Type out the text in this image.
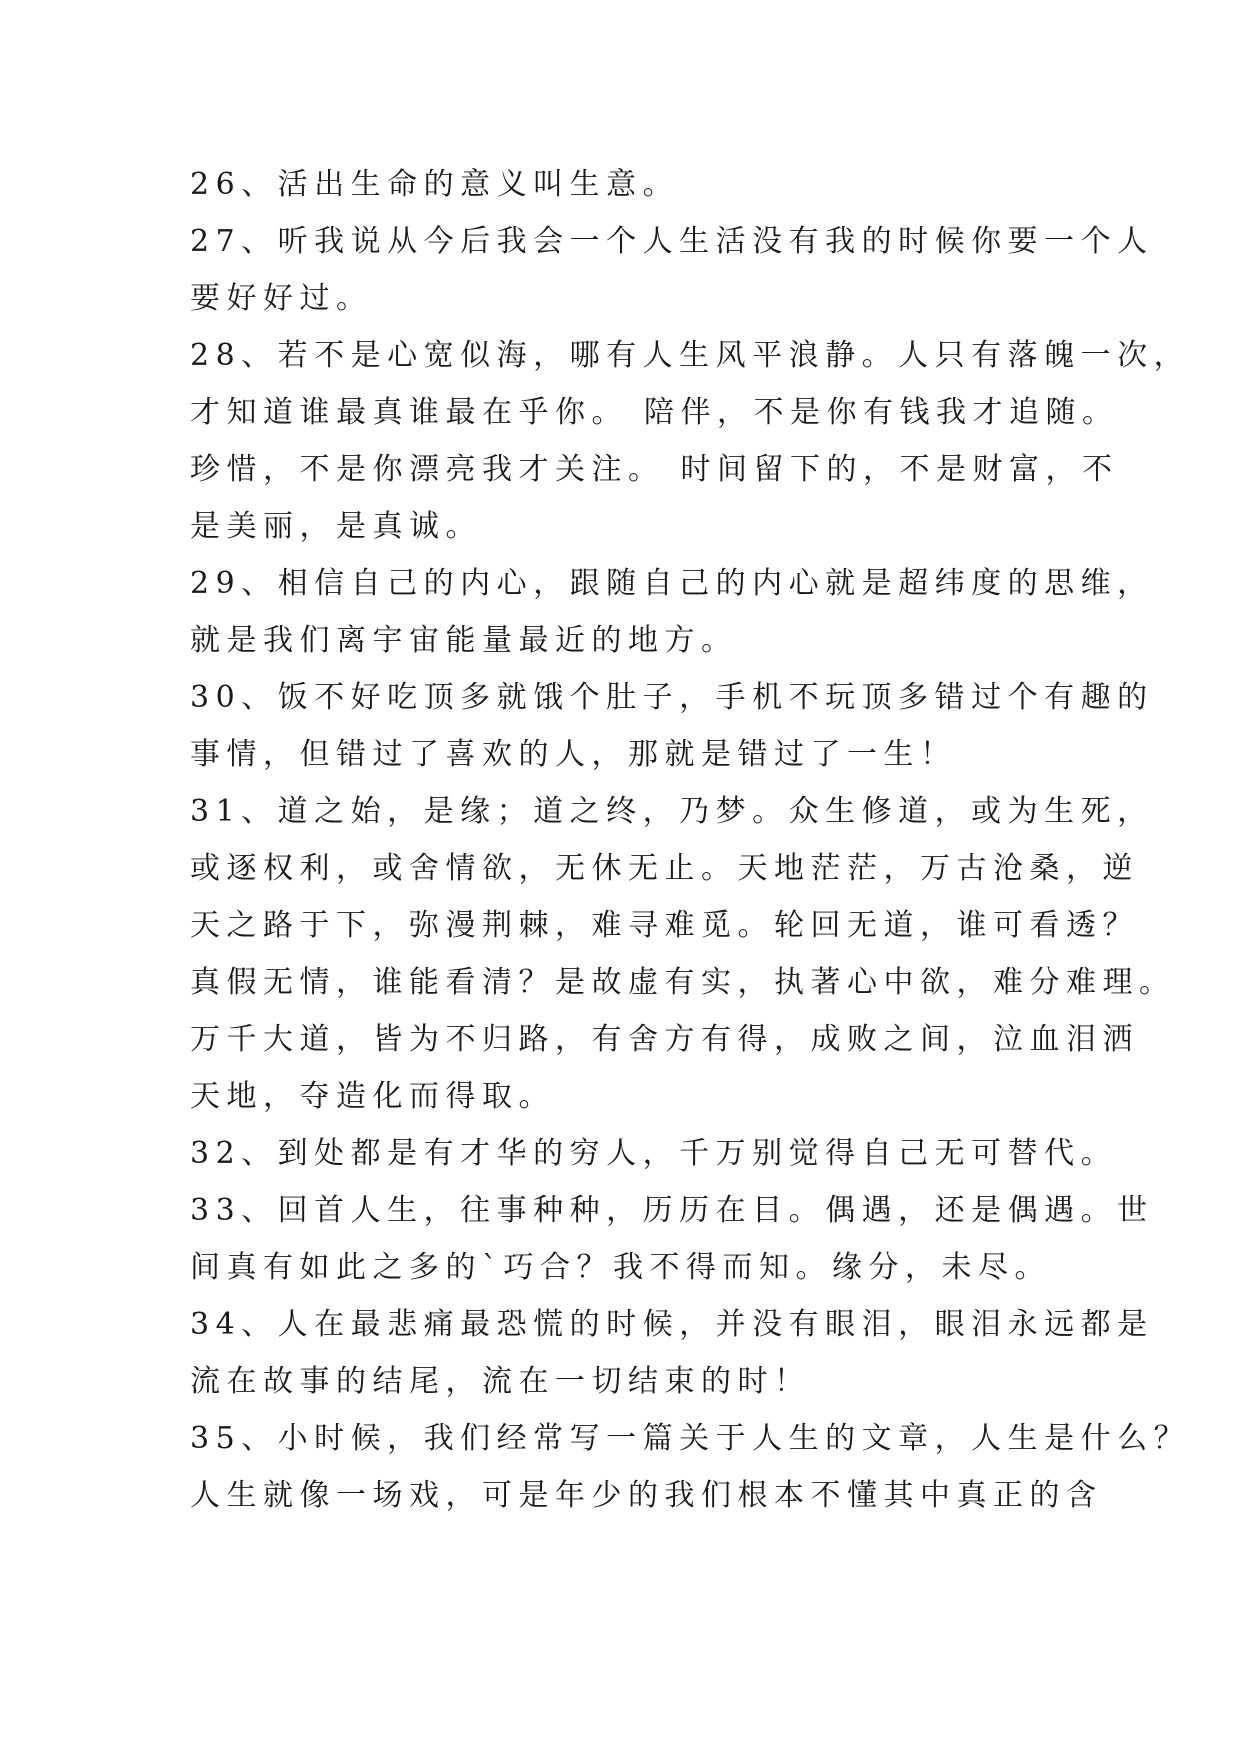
26、活出生命的意义叫生意。
27、听我说从今后我会一个人生活没有我的时候你要一个人
要好好过。
28、若不是心宽似海，哪有人生风平浪静。人只有落魄一次，
才知道谁最真谁最在乎你。 陪伴，不是你有钱我才追随。
珍惜，不是你漂亮我才关注。 时间留下的，不是财富，不
是美丽，是真诚。
29、相信自己的内心，跟随自己的内心就是超纬度的思维，
就是我们离宇宙能量最近的地方。
30、饭不好吃顶多就饿个肚子，手机不玩顶多错过个有趣的
事情，但错过了喜欢的人，那就是错过了一生！
31、道之始，是缘；道之终，乃梦。众生修道，或为生死，
或逐权利，或舍情欲，无休无止。天地茫茫，万古沧桑，逆
天之路于下，弥漫荆棘，难寻难觅。轮回无道，谁可看透？
真假无情，谁能看清？是故虚有实，执著心中欲，难分难理。
万千大道，皆为不归路，有舍方有得，成败之间，泣血泪洒
天地，夺造化而得取。
32、到处都是有才华的穷人，千万别觉得自己无可替代。
33、回首人生，往事种种，历历在目。偶遇，还是偶遇。世
间真有如此之多的`巧合？我不得而知。缘分，未尽。
34、人在最悲痛最恐慌的时候，并没有眼泪，眼泪永远都是
流在故事的结尾，流在一切结束的时！
35、小时候，我们经常写一篇关于人生的文章，人生是什么？
人生就像一场戏，可是年少的我们根本不懂其中真正的含
